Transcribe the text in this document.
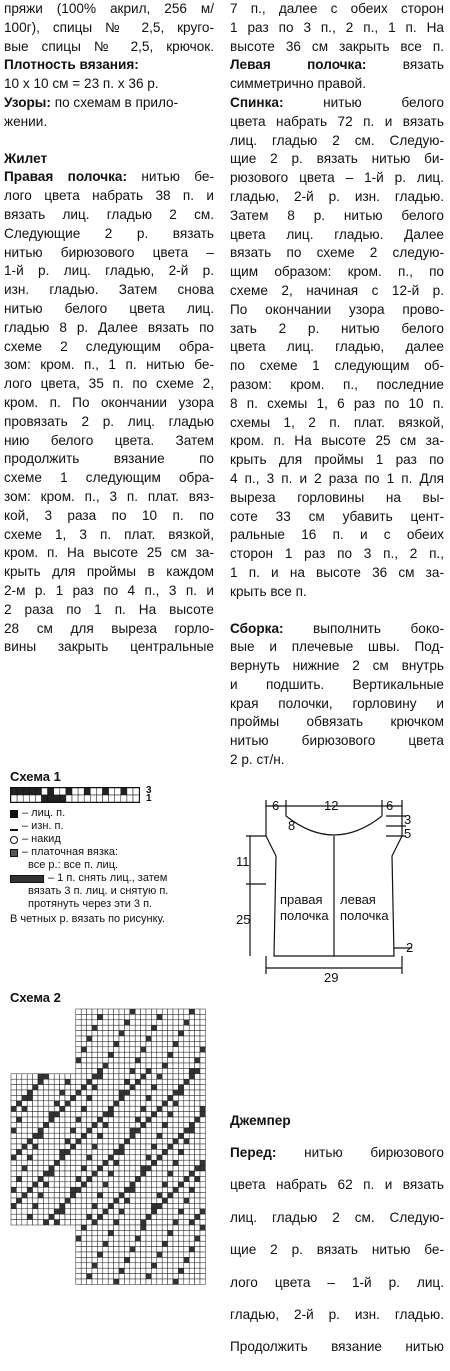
пряжи (100% акрил, 256 м/

100г), спицы № 2,5, круго-

вые спицы № 2,5, крючок.

Плотность вязания:

10 х 10 см = 23 п. х 36 р.

Узоры: по схемам в прило-

жении.

Жилет

Правая полочка: нитью бе-

лого цвета набрать 38 п. и

вязать лиц. гладью 2 см.

Следующие 2 р. вязать

нитью бирюзового цвета –

1-й р. лиц. гладью, 2-й р.

изн. гладью. Затем снова

нитью белого цвета лиц.

гладью 8 р. Далее вязать по

схеме 2 следующим обра-

зом: кром. п., 1 п. нитью бе-

лого цвета, 35 п. по схеме 2,

кром. п. По окончании узора

провязать 2 р. лиц. гладью

нию белого цвета. Затем

продолжить вязание по

схеме 1 следующим обра-

зом: кром. п., 3 п. плат. вяз-

кой, 3 раза по 10 п. по

схеме 1, 3 п. плат. вязкой,

кром. п. На высоте 25 см за-

крыть для проймы в каждом

2-м р. 1 раз по 4 п., 3 п. и

2 раза по 1 п. На высоте

28 см для выреза горло-

вины закрыть центральные

7 п., далее с обеих сторон

1 раз по 3 п., 2 п., 1 п. На

высоте 36 см закрыть все п.

Левая полочка:	вязать

симметрично правой.

Спинка:	нитью белого

цвета набрать 72 п. и вязать

лиц. гладью 2 см. Следую-

щие 2 р. вязать нитью би-

рюзового цвета – 1-й р. лиц.

гладью, 2-й р. изн. гладью.

Затем 8 р. нитью белого

цвета лиц. гладью. Далее

вязать по схеме 2 следую-

щим образом: кром. п., по

схеме 2, начиная с 12-й р.

По окончании узора прово-

зать 2 р. нитью белого

цвета лиц. гладью, далее

по схеме 1 следующим об-

разом: кром. п., последние

8 п. схемы 1, 6 раз по 10 п.

схемы 1, 2 п. плат. вязкой,

кром. п. На высоте 25 см за-

крыть для проймы 1 раз по

4 п., 3 п. и 2 раза по 1 п. Для

выреза горловины на вы-

соте 33 см убавить цент-

ральные 16 п. и с обеих

сторон 1 раз по 3 п., 2 п.,

1 п. и на высоте 36 см за-

крыть все п.

Сборка: выполнить боко-

вые и плечевые швы. Под-

вернуть нижние 2 см внутрь

и подшить. Вертикальные

края полочки, горловину и

проймы обвязать крючком

нитью бирюзового цвета

2 р. ст/н.

Схема 1
3
1
– лиц. п.
– изн. п.
– накид
– платочная вязка:
все р.: все п. лиц.
– 1 п. снять лиц., затем
вязать 3 п. лиц. и снятую п.
протянуть через эти 3 п.
В четных р. вязать по рисунку.
Схема 2
6	12	6
11
25
8	3
5
2
29
правая
полочка
левая
полочка

Джемпер

Перед: нитью бирюзового

цвета набрать 62 п. и вязать

лиц. гладью 2 см. Следую-

щие 2 р. вязать нитью бе-

лого цвета – 1-й р. лиц.

гладью, 2-й р. изн. гладью.

Продолжить вязание нитью
